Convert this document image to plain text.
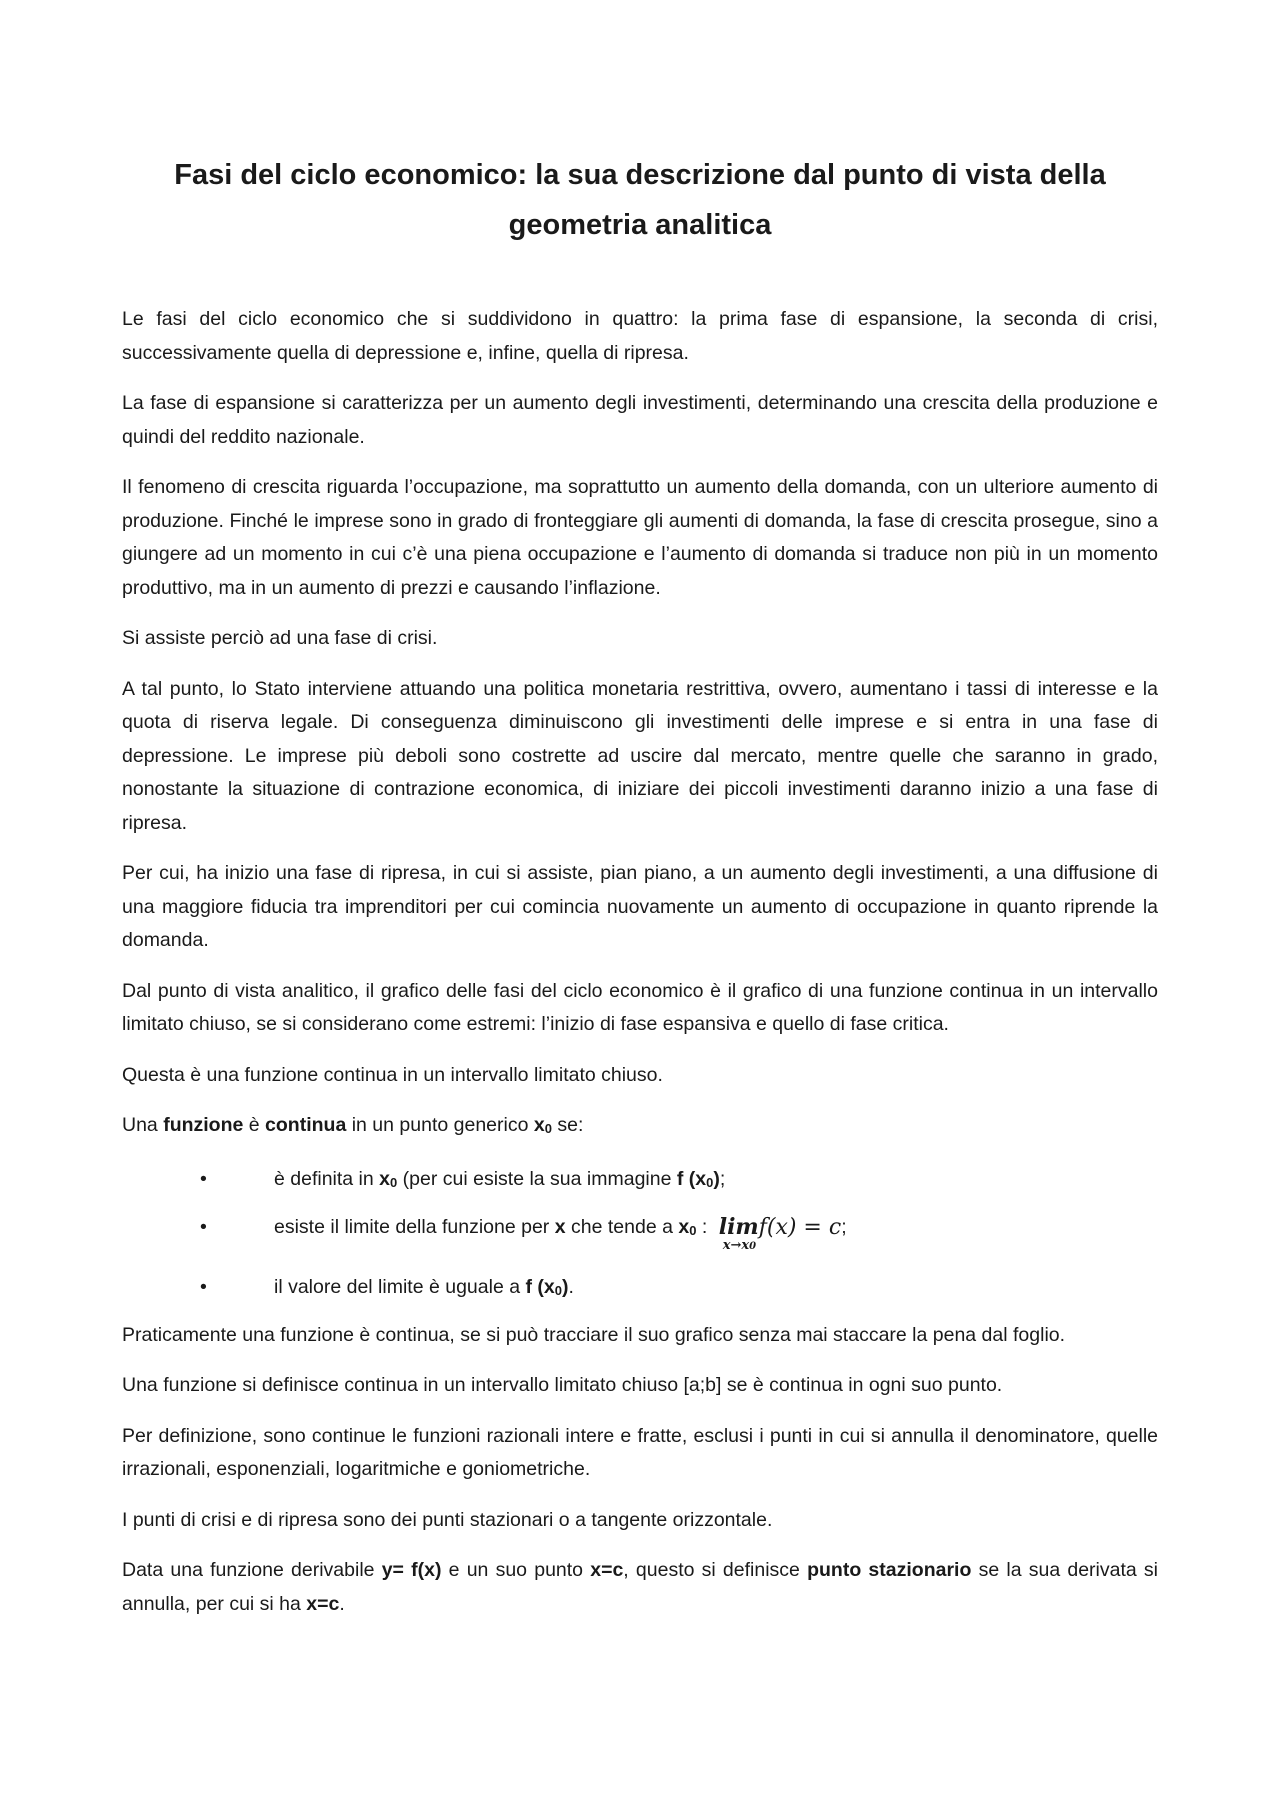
Fasi del ciclo economico: la sua descrizione dal punto di vista della
geometria analitica

Le fasi del ciclo economico che si suddividono in quattro: la prima fase di espansione, la seconda di crisi, successivamente quella di depressione e, infine, quella di ripresa.

La fase di espansione si caratterizza per un aumento degli investimenti, determinando una crescita della produzione e quindi del reddito nazionale.

Il fenomeno di crescita riguarda l’occupazione, ma soprattutto un aumento della domanda, con un ulteriore aumento di produzione. Finché le imprese sono in grado di fronteggiare gli aumenti di domanda, la fase di crescita prosegue, sino a giungere ad un momento in cui c’è una piena occupazione e l’aumento di domanda si traduce non più in un momento produttivo, ma in un aumento di prezzi e causando l’inflazione.

Si assiste perciò ad una fase di crisi.

A tal punto, lo Stato interviene attuando una politica monetaria restrittiva, ovvero, aumentano i tassi di interesse e la quota di riserva legale. Di conseguenza diminuiscono gli investimenti delle imprese e si entra in una fase di depressione. Le imprese più deboli sono costrette ad uscire dal mercato, mentre quelle che saranno in grado, nonostante la situazione di contrazione economica, di iniziare dei piccoli investimenti daranno inizio a una fase di ripresa.

Per cui, ha inizio una fase di ripresa, in cui si assiste, pian piano, a un aumento degli investimenti, a una diffusione di una maggiore fiducia tra imprenditori per cui comincia nuovamente un aumento di occupazione in quanto riprende la domanda.

Dal punto di vista analitico, il grafico delle fasi del ciclo economico è il grafico di una funzione continua in un intervallo limitato chiuso, se si considerano come estremi: l’inizio di fase espansiva e quello di fase critica.

Questa è una funzione continua in un intervallo limitato chiuso.

Una funzione è continua in un punto generico x0 se:

•	è definita in x0 (per cui esiste la sua immagine f (x0);
•	esiste il limite della funzione per x che tende a x0 : lim
x→x0
f(x) = c;
•	il valore del limite è uguale a f (x0).

Praticamente una funzione è continua, se si può tracciare il suo grafico senza mai staccare la pena dal foglio.

Una funzione si definisce continua in un intervallo limitato chiuso [a;b] se è continua in ogni suo punto.

Per definizione, sono continue le funzioni razionali intere e fratte, esclusi i punti in cui si annulla il denominatore, quelle irrazionali, esponenziali, logaritmiche e goniometriche.

I punti di crisi e di ripresa sono dei punti stazionari o a tangente orizzontale.

Data una funzione derivabile y= f(x) e un suo punto x=c, questo si definisce punto stazionario se la sua derivata si annulla, per cui si ha x=c.
